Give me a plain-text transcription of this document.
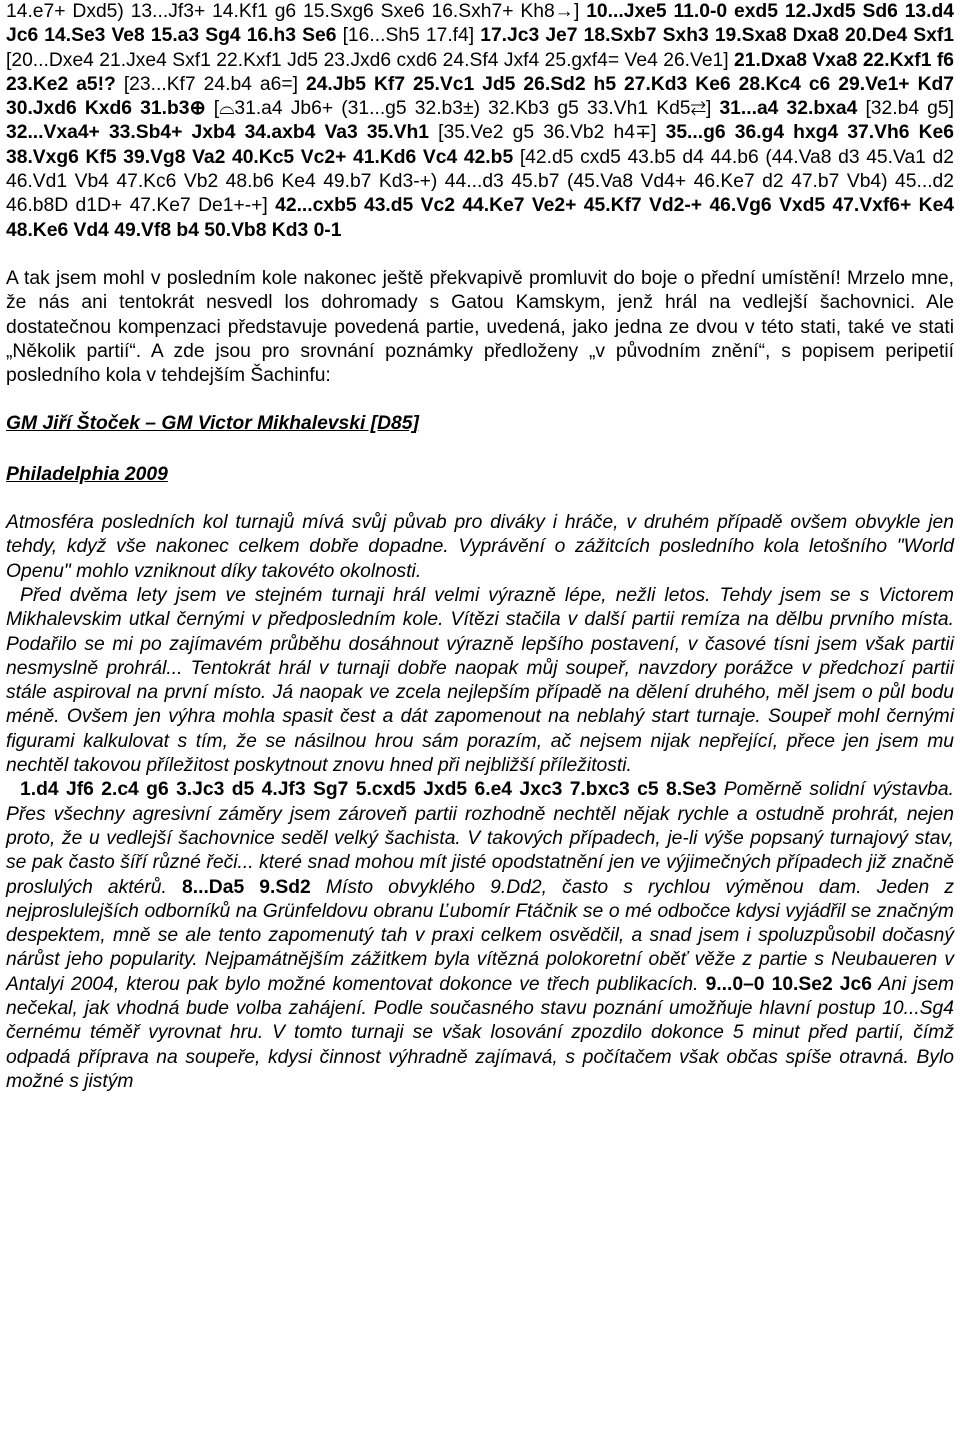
14.e7+ Dxd5) 13...Jf3+ 14.Kf1 g6 15.Sxg6 Sxe6 16.Sxh7+ Kh8→] 10...Jxe5 11.0-0 exd5 12.Jxd5 Sd6 13.d4 Jc6 14.Se3 Ve8 15.a3 Sg4 16.h3 Se6 [16...Sh5 17.f4] 17.Jc3 Je7 18.Sxb7 Sxh3 19.Sxa8 Dxa8 20.De4 Sxf1 [20...Dxe4 21.Jxe4 Sxf1 22.Kxf1 Jd5 23.Jxd6 cxd6 24.Sf4 Jxf4 25.gxf4= Ve4 26.Ve1] 21.Dxa8 Vxa8 22.Kxf1 f6 23.Ke2 a5!? [23...Kf7 24.b4 a6=] 24.Jb5 Kf7 25.Vc1 Jd5 26.Sd2 h5 27.Kd3 Ke6 28.Kc4 c6 29.Ve1+ Kd7 30.Jxd6 Kxd6 31.b3⊕ [⌓31.a4 Jb6+ (31...g5 32.b3±) 32.Kb3 g5 33.Vh1 Kd5⇄] 31...a4 32.bxa4 [32.b4 g5] 32...Vxa4+ 33.Sb4+ Jxb4 34.axb4 Va3 35.Vh1 [35.Ve2 g5 36.Vb2 h4∓] 35...g6 36.g4 hxg4 37.Vh6 Ke6 38.Vxg6 Kf5 39.Vg8 Va2 40.Kc5 Vc2+ 41.Kd6 Vc4 42.b5 [42.d5 cxd5 43.b5 d4 44.b6 (44.Va8 d3 45.Va1 d2 46.Vd1 Vb4 47.Kc6 Vb2 48.b6 Ke4 49.b7 Kd3-+) 44...d3 45.b7 (45.Va8 Vd4+ 46.Ke7 d2 47.b7 Vb4) 45...d2 46.b8D d1D+ 47.Ke7 De1+-+] 42...cxb5 43.d5 Vc2 44.Ke7 Ve2+ 45.Kf7 Vd2-+ 46.Vg6 Vxd5 47.Vxf6+ Ke4 48.Ke6 Vd4 49.Vf8 b4 50.Vb8 Kd3 0-1

A tak jsem mohl v posledním kole nakonec ještě překvapivě promluvit do boje o přední umístění! Mrzelo mne, že nás ani tentokrát nesvedl los dohromady s Gatou Kamskym, jenž hrál na vedlejší šachovnici. Ale dostatečnou kompenzaci představuje povedená partie, uvedená, jako jedna ze dvou v této stati, také ve stati „Několik partií“. A zde jsou pro srovnání poznámky předloženy „v původním znění“, s popisem peripetií posledního kola v tehdejším Šachinfu:

GM Jiří Štoček – GM Victor Mikhalevski [D85]

Philadelphia 2009

Atmosféra posledních kol turnajů mívá svůj půvab pro diváky i hráče, v druhém případě ovšem obvykle jen tehdy, když vše nakonec celkem dobře dopadne. Vyprávění o zážitcích posledního kola letošního "World Openu" mohlo vzniknout díky takovéto okolnosti.

Před dvěma lety jsem ve stejném turnaji hrál velmi výrazně lépe, nežli letos. Tehdy jsem se s Victorem Mikhalevskim utkal černými v předposledním kole. Vítězi stačila v další partii remíza na dělbu prvního místa. Podařilo se mi po zajímavém průběhu dosáhnout výrazně lepšího postavení, v časové tísni jsem však partii nesmyslně prohrál... Tentokrát hrál v turnaji dobře naopak můj soupeř, navzdory porážce v předchozí partii stále aspiroval na první místo. Já naopak ve zcela nejlepším případě na dělení druhého, měl jsem o půl bodu méně. Ovšem jen výhra mohla spasit čest a dát zapomenout na neblahý start turnaje. Soupeř mohl černými figurami kalkulovat s tím, že se násilnou hrou sám porazím, ač nejsem nijak nepřející, přece jen jsem mu nechtěl takovou příležitost poskytnout znovu hned při nejbližší příležitosti.

1.d4 Jf6 2.c4 g6 3.Jc3 d5 4.Jf3 Sg7 5.cxd5 Jxd5 6.e4 Jxc3 7.bxc3 c5 8.Se3 Poměrně solidní výstavba. Přes všechny agresivní záměry jsem zároveň partii rozhodně nechtěl nějak rychle a ostudně prohrát, nejen proto, že u vedlejší šachovnice seděl velký šachista. V takových případech, je-li výše popsaný turnajový stav, se pak často šíří různé řeči... které snad mohou mít jisté opodstatnění jen ve výjimečných případech již značně proslulých aktérů. 8...Da5 9.Sd2 Místo obvyklého 9.Dd2, často s rychlou výměnou dam. Jeden z nejproslulejších odborníků na Grünfeldovu obranu Ľubomír Ftáčnik se o mé odbočce kdysi vyjádřil se značným despektem, mně se ale tento zapomenutý tah v praxi celkem osvědčil, a snad jsem i spoluzpůsobil dočasný nárůst jeho popularity. Nejpamátnějším zážitkem byla vítězná polokoretní oběť věže z partie s Neubaueren v Antalyi 2004, kterou pak bylo možné komentovat dokonce ve třech publikacích. 9...0–0 10.Se2 Jc6 Ani jsem nečekal, jak vhodná bude volba zahájení. Podle současného stavu poznání umožňuje hlavní postup 10...Sg4 černému téměř vyrovnat hru. V tomto turnaji se však losování zpozdilo dokonce 5 minut před partií, čímž odpadá příprava na soupeře, kdysi činnost výhradně zajímavá, s počítačem však občas spíše otravná. Bylo možné s jistým
